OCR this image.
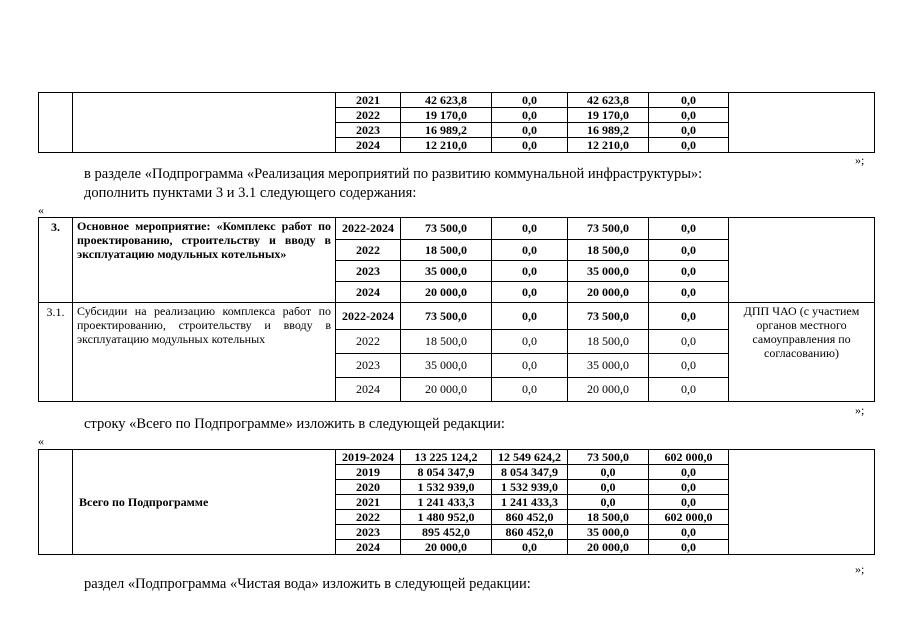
		2021	42 623,8	0,0	42 623,8	0,0	
		2022	19 170,0	0,0	19 170,0	0,0	
		2023	16 989,2	0,0	16 989,2	0,0	
		2024	12 210,0	0,0	12 210,0	0,0	
»;
в разделе «Подпрограмма «Реализация мероприятий по развитию коммунальной инфраструктуры»:
дополнить пунктами 3 и 3.1 следующего содержания:
«
3.	Основное мероприятие: «Комплекс работ по проектированию, строительству и вводу в эксплуатацию модульных котельных»	2022-2024	73 500,0	0,0	73 500,0	0,0	
		2022	18 500,0	0,0	18 500,0	0,0	
		2023	35 000,0	0,0	35 000,0	0,0	
		2024	20 000,0	0,0	20 000,0	0,0	
3.1.	Субсидии на реализацию комплекса работ по проектированию, строительству и вводу в эксплуатацию модульных котельных	2022-2024	73 500,0	0,0	73 500,0	0,0	ДПП ЧАО (с участием органов местного самоуправления по согласованию)
		2022	18 500,0	0,0	18 500,0	0,0	
		2023	35 000,0	0,0	35 000,0	0,0	
		2024	20 000,0	0,0	20 000,0	0,0	
»;
строку «Всего по Подпрограмме» изложить в следующей редакции:
«
	Всего по Подпрограмме	2019-2024	13 225 124,2	12 549 624,2	73 500,0	602 000,0	
		2019	8 054 347,9	8 054 347,9	0,0	0,0	
		2020	1 532 939,0	1 532 939,0	0,0	0,0	
		2021	1 241 433,3	1 241 433,3	0,0	0,0	
		2022	1 480 952,0	860 452,0	18 500,0	602 000,0	
		2023	895 452,0	860 452,0	35 000,0	0,0	
		2024	20 000,0	0,0	20 000,0	0,0	
»;
раздел «Подпрограмма «Чистая вода» изложить в следующей редакции:
